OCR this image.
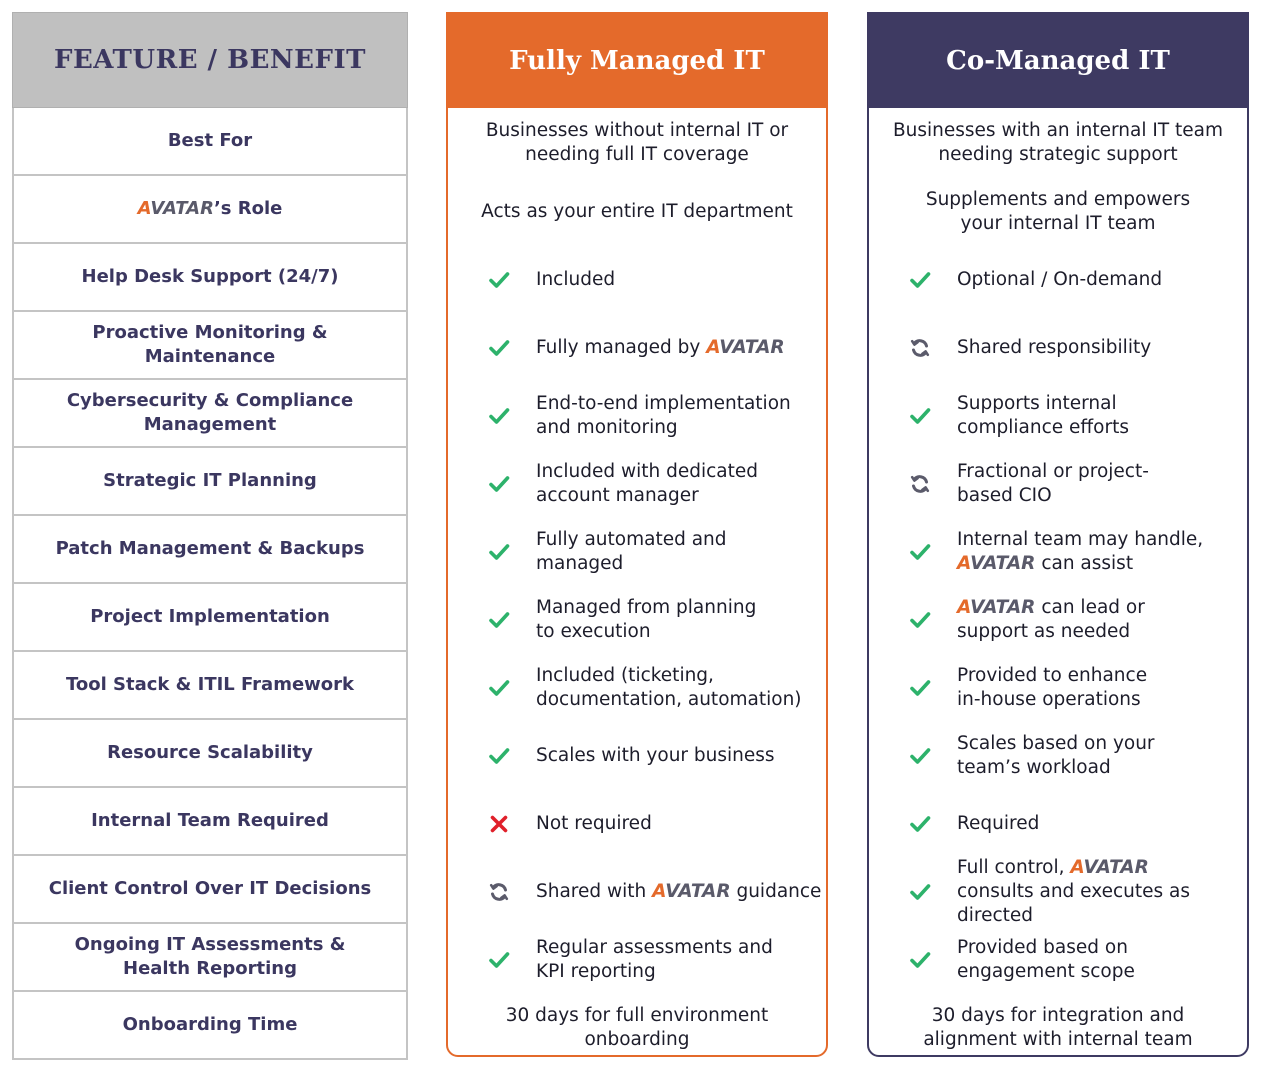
FEATURE / BENEFIT
Best For
AVATAR ’s Role
Help Desk Support (24/7)
Proactive Monitoring & Maintenance
Cybersecurity & Compliance Management
Strategic IT Planning
Patch Management & Backups
Project Implementation
Tool Stack & ITIL Framework
Resource Scalability
Internal Team Required
Client Control Over IT Decisions
Ongoing IT Assessments & Health Reporting
Onboarding Time
Fully Managed IT
Businesses without internal IT or needing full IT coverage
Acts as your entire IT department
Included
Fully managed by AVATAR
End-to-end implementation and monitoring
Included with dedicated account manager
Fully automated and managed
Managed from planning to execution
Included (ticketing, documentation, automation)
Scales with your business
Not required
Shared with AVATAR guidance
Regular assessments and KPI reporting
30 days for full environment onboarding
Co-Managed IT
Businesses with an internal IT team needing strategic support
Supplements and empowers your internal IT team
Optional / On-demand
Shared responsibility
Supports internal compliance efforts
Fractional or project-based CIO
Internal team may handle, AVATAR can assist
AVATAR can lead or support as needed
Provided to enhance in-house operations
Scales based on your team’s workload
Required
Full control, AVATAR consults and executes as directed
Provided based on engagement scope
30 days for integration and alignment with internal team
